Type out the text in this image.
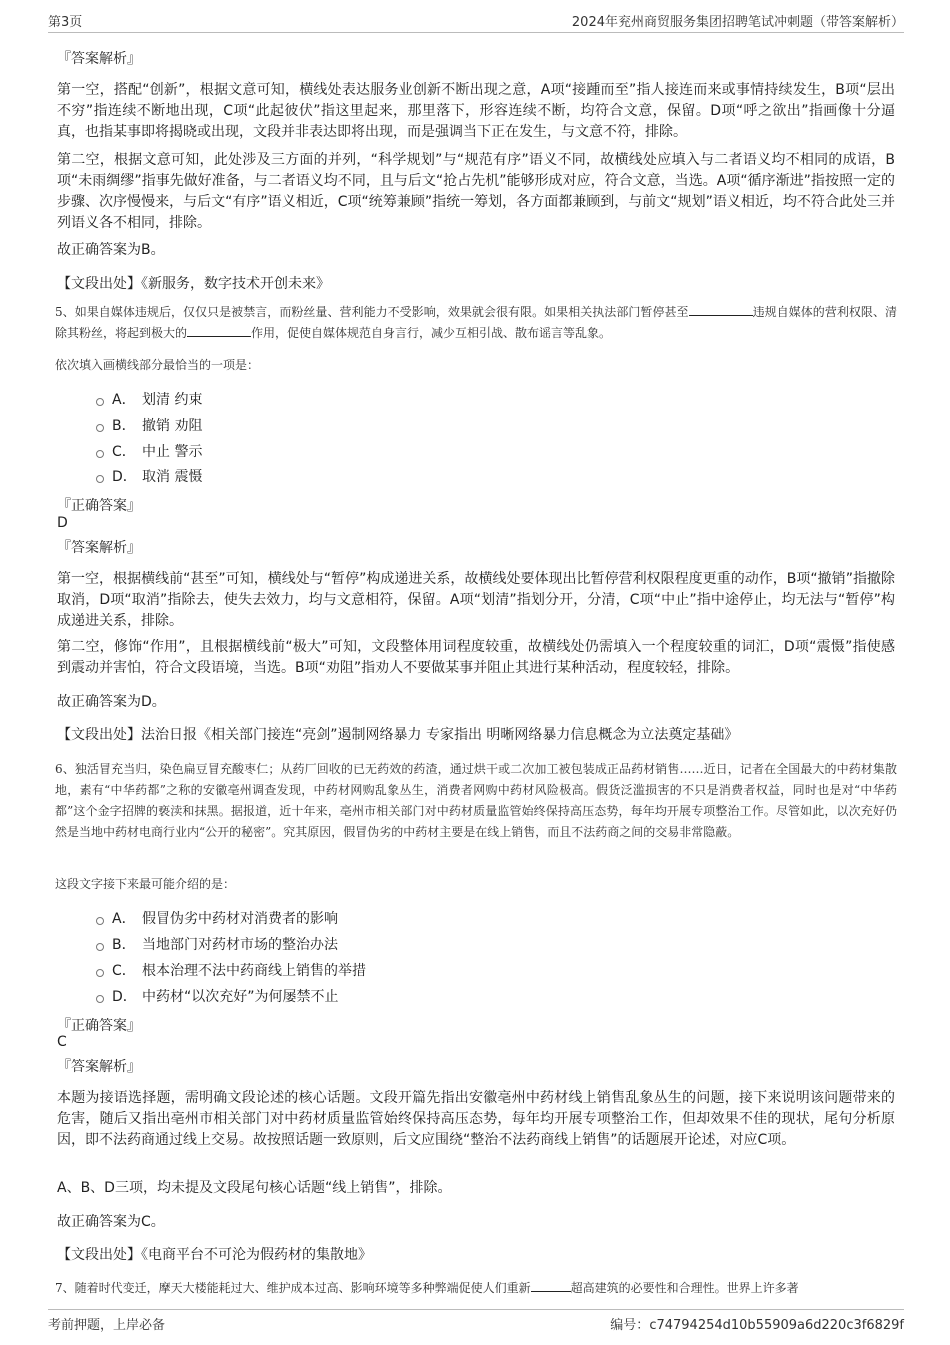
第3页	2024年兖州商贸服务集团招聘笔试冲刺题（带答案解析）
『答案解析』

第一空，搭配“创新”，根据文意可知，横线处表达服务业创新不断出现之意，A项“接踵而至”指人接连而来或事情持续发生，B项“层出不穷”指连续不断地出现，C项“此起彼伏”指这里起来，那里落下，形容连续不断，均符合文意，保留。D项“呼之欲出”指画像十分逼真，也指某事即将揭晓或出现，文段并非表达即将出现，而是强调当下正在发生，与文意不符，排除。

第二空，根据文意可知，此处涉及三方面的并列，“科学规划”与“规范有序”语义不同，故横线处应填入与二者语义均不相同的成语，B项“未雨绸缪”指事先做好准备，与二者语义均不同，且与后文“抢占先机”能够形成对应，符合文意，当选。A项“循序渐进”指按照一定的步骤、次序慢慢来，与后文“有序”语义相近，C项“统筹兼顾”指统一筹划，各方面都兼顾到，与前文“规划”语义相近，均不符合此处三并列语义各不相同，排除。

故正确答案为B。
【文段出处】《新服务，数字技术开创未来》

5、如果自媒体违规后，仅仅只是被禁言，而粉丝量、营利能力不受影响，效果就会很有限。如果相关执法部门暂停甚至	违规自媒体的营利权限、清除其粉丝，将起到极大的	作用，促使自媒体规范自身言行，减少互相引战、散布谣言等乱象。

依次填入画横线部分最恰当的一项是：
A． 划清 约束
B． 撤销 劝阻
C． 中止 警示
D． 取消 震慑
『正确答案』
D
『答案解析』

第一空，根据横线前“甚至”可知，横线处与“暂停”构成递进关系，故横线处要体现出比暂停营利权限程度更重的动作，B项“撤销”指撤除取消，D项“取消”指除去，使失去效力，均与文意相符，保留。A项“划清”指划分开，分清，C项“中止”指中途停止，均无法与“暂停”构成递进关系，排除。

第二空，修饰“作用”，且根据横线前“极大”可知，文段整体用词程度较重，故横线处仍需填入一个程度较重的词汇，D项“震慑”指使感到震动并害怕，符合文段语境，当选。B项“劝阻”指劝人不要做某事并阻止其进行某种活动，程度较轻，排除。

故正确答案为D。
【文段出处】法治日报《相关部门接连“亮剑”遏制网络暴力 专家指出 明晰网络暴力信息概念为立法奠定基础》

6、独活冒充当归，染色扁豆冒充酸枣仁；从药厂回收的已无药效的药渣，通过烘干或二次加工被包装成正品药材销售……近日，记者在全国最大的中药材集散地，素有“中华药都”之称的安徽亳州调查发现，中药材网购乱象丛生，消费者网购中药材风险极高。假货泛滥损害的不只是消费者权益，同时也是对“中华药都”这个金字招牌的亵渎和抹黑。据报道，近十年来，亳州市相关部门对中药材质量监管始终保持高压态势，每年均开展专项整治工作。尽管如此，以次充好仍然是当地中药材电商行业内“公开的秘密”。究其原因，假冒伪劣的中药材主要是在线上销售，而且不法药商之间的交易非常隐蔽。

这段文字接下来最可能介绍的是：
A． 假冒伪劣中药材对消费者的影响
B． 当地部门对药材市场的整治办法
C． 根本治理不法中药商线上销售的举措
D． 中药材“以次充好”为何屡禁不止
『正确答案』
C
『答案解析』

本题为接语选择题，需明确文段论述的核心话题。文段开篇先指出安徽亳州中药材线上销售乱象丛生的问题，接下来说明该问题带来的危害，随后又指出亳州市相关部门对中药材质量监管始终保持高压态势，每年均开展专项整治工作，但却效果不佳的现状，尾句分析原因，即不法药商通过线上交易。故按照话题一致原则，后文应围绕“整治不法药商线上销售”的话题展开论述，对应C项。

A、B、D三项，均未提及文段尾句核心话题“线上销售”，排除。

故正确答案为C。
【文段出处】《电商平台不可沦为假药材的集散地》
7、随着时代变迁，摩天大楼能耗过大、维护成本过高、影响环境等多种弊端促使人们重新	超高建筑的必要性和合理性。世界上许多著
考前押题，上岸必备	编号：c74794254d10b55909a6d220c3f6829f
